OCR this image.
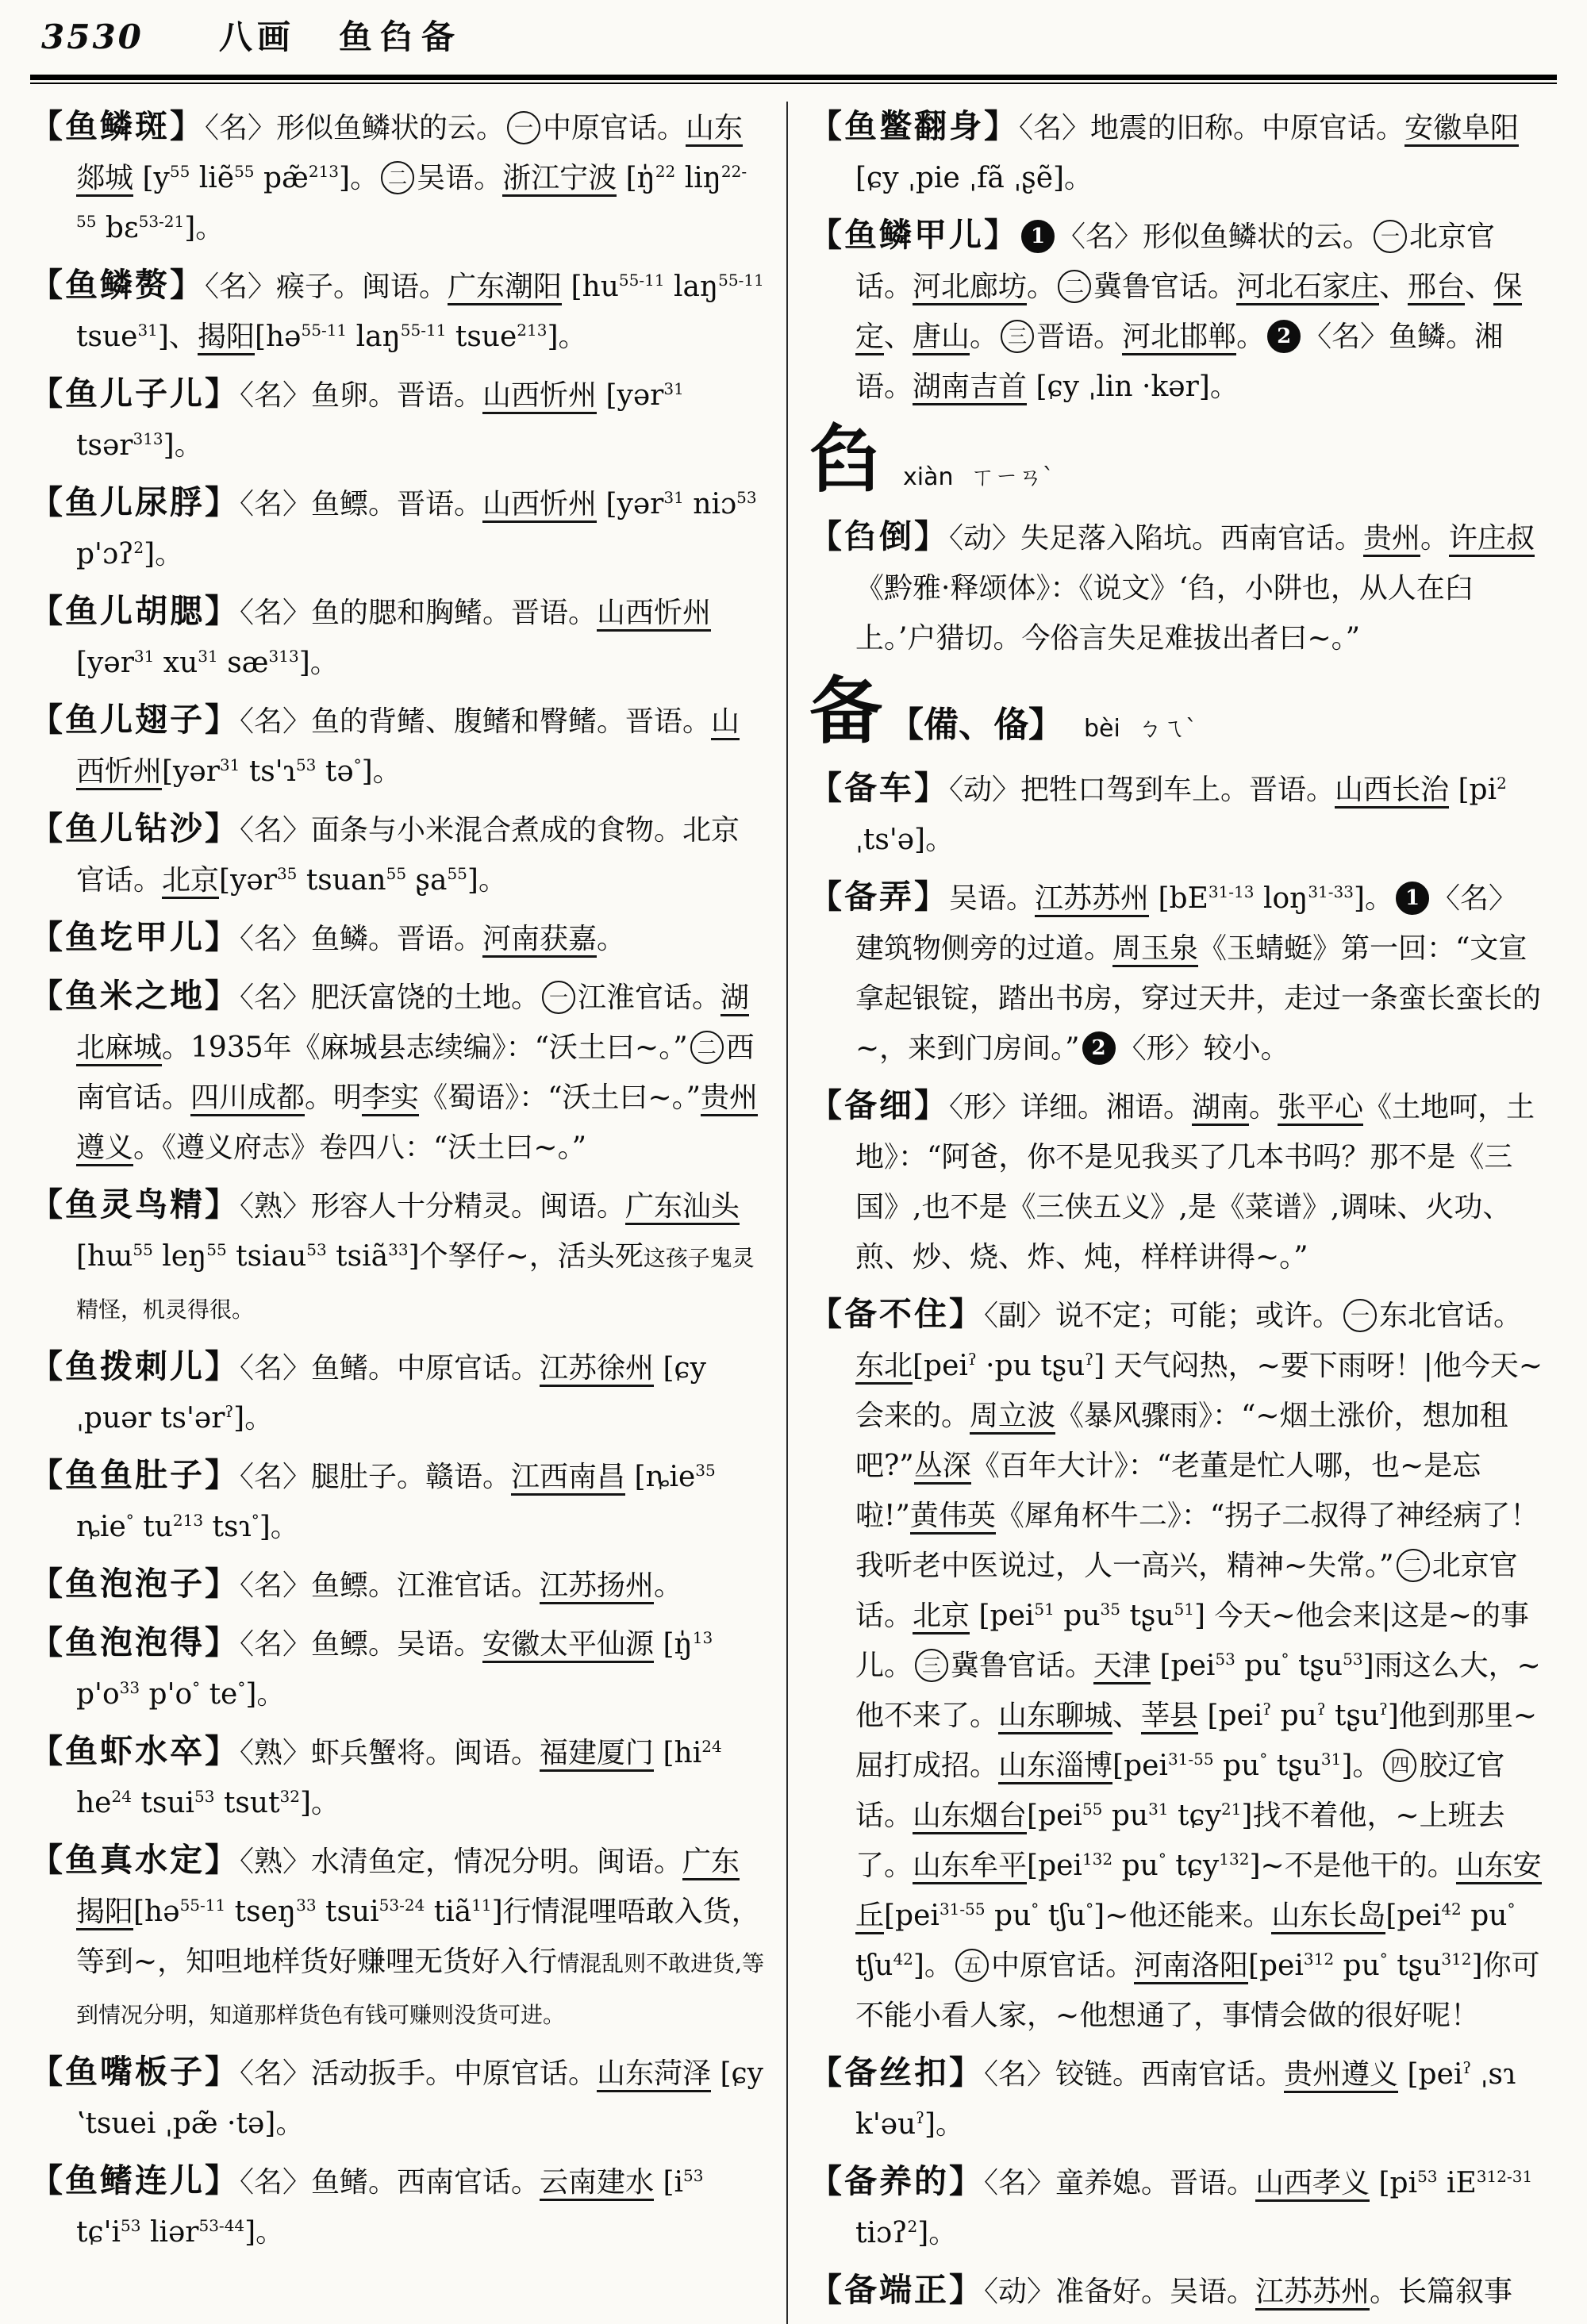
3530 八画 鱼臽备
【鱼鳞斑】〈名〉形似鱼鳞状的云。 一 中原官话。山东郯城 [$y^{55}$ liẽ$^{55}$ pæ̃$^{213}$]。 二 吴语。浙江宁波 [ŋ̍$^{22}$ liŋ$^{22-55}$ bɛ$^{53-21}$]。
【鱼鳞赘】〈名〉瘊子。闽语。广东潮阳 [$hu^{55-11}$ laŋ$^{55-11}$ tsue$^{31}$]、揭阳[hə$^{55-11}$ laŋ$^{55-11}$ tsue$^{213}$]。
【鱼儿子儿】〈名〉鱼卵。晋语。山西忻州 [yər$^{31}$ tsər$^{313}$]。
【鱼儿尿脬】〈名〉鱼鳔。晋语。山西忻州 [yər$^{31}$ niɔ$^{53}$ p'ɔʔ$^2$]。
【鱼儿胡腮】〈名〉鱼的腮和胸鳍。晋语。山西忻州[yər$^{31}$ $xu^{31}$ $sæ^{313}$]。
【鱼儿翅子】〈名〉鱼的背鳍、腹鳍和臀鳍。晋语。山西忻州[yər$^{31}$ ts'ɿ$^{53}$ tə°]。
【鱼儿钻沙】〈名〉面条与小米混合煮成的食物。北京官话。北京[yər$^{35}$ tsuan$^{55}$ ʂa$^{55}$]。
【鱼圪甲儿】〈名〉鱼鳞。晋语。河南获嘉。
【鱼米之地】〈名〉肥沃富饶的土地。 一 江淮官话。湖北麻城。1935年《麻城县志续编》：“沃土曰~。” 二 西南官话。四川成都。明李实《蜀语》：“沃土曰~。”贵州遵义。《遵义府志》卷四八：“沃土曰~。”
【鱼灵鸟精】〈熟〉形容人十分精灵。闽语。广东汕头 [hɯ$^{55}$ leŋ$^{55}$ tsiau$^{53}$ tsiã$^{33}$]个孥仔~，活头死这孩子鬼灵精怪，机灵得很。
【鱼拨刺儿】〈名〉鱼鳍。中原官话。江苏徐州 [ɕy ˌpuər ts'ər$^ʔ$]。
【鱼鱼肚子】〈名〉腿肚子。赣语。江西南昌 [ȵie$^{35}$ ȵie° $tu^{213}$ tsɿ°]。
【鱼泡泡子】〈名〉鱼鳔。江淮官话。江苏扬州。
【鱼泡泡得】〈名〉鱼鳔。吴语。安徽太平仙源 [ŋ̍$^{13}$ $p'o^{33}$ p'o° te°]。
【鱼虾水卒】〈熟〉虾兵蟹将。闽语。福建厦门 [$hi^{24}$ $he^{24}$ tsui$^{53}$ tsut$^{32}$]。
【鱼真水定】〈熟〉水清鱼定，情况分明。闽语。广东揭阳[hə$^{55-11}$ tseŋ$^{33}$ tsui$^{53-24}$ tiã$^{11}$]行情混哩唔敢入货，等到~，知呾地样货好赚哩无货好入行情混乱则不敢进货,等到情况分明，知道那样货色有钱可赚则没货可进。
【鱼嘴板子】〈名〉活动扳手。中原官话。山东菏泽 [ɕy ʽtsuei ˌpæ̃ ·tə]。
【鱼鳍连儿】〈名〉鱼鳍。西南官话。云南建水 [$i^{53}$ $tɕ'i^{53}$ liər$^{53-44}$]。
【鱼鳖翻身】〈名〉地震的旧称。中原官话。安徽阜阳 [ɕy ˌpie ˌfã ˌʂẽ]。
【鱼鳞甲儿】 1 〈名〉形似鱼鳞状的云。 一 北京官话。河北廊坊。 二 冀鲁官话。河北石家庄、邢台、保定、唐山。 三 晋语。河北邯郸。 2 〈名〉鱼鳞。湘语。湖南吉首 [ɕy ˌlin ·kər]。
臽 xiàn ㄒㄧㄢˋ
【臽倒】〈动〉失足落入陷坑。西南官话。贵州。许庄叔《黔雅·释颂体》：《说文》‘臽，小阱也，从人在臼上。’户猎切。今俗言失足难拔出者曰~。”
备 【備、俻】 bèi ㄅㄟˋ
【备车】〈动〉把牲口驾到车上。晋语。山西长治 [$pi^2$ ˌts'ə]。
【备弄】吴语。江苏苏州 [$bE^{31-13}$ loŋ$^{31-33}$]。 1 〈名〉建筑物侧旁的过道。周玉泉《玉蜻蜓》第一回：“文宣拿起银锭，踏出书房，穿过天井，走过一条蛮长蛮长的~，来到门房间。” 2 〈形〉较小。
【备细】〈形〉详细。湘语。湖南。张平心《土地呵，土地》：“阿爸，你不是见我买了几本书吗？那不是《三国》,也不是《三侠五义》,是《菜谱》,调味、火功、煎、炒、烧、炸、炖，样样讲得~。”
【备不住】〈副〉说不定；可能；或许。 一 东北官话。东北[pei$^ʔ$ ·pu tʂu$^ʔ$] 天气闷热，~要下雨呀！|他今天~会来的。周立波《暴风骤雨》：“~烟土涨价，想加租吧?”丛深《百年大计》：“老董是忙人哪，也~是忘啦!”黄伟英《犀角杯牛二》：“拐子二叔得了神经病了！我听老中医说过，人一高兴，精神~失常。” 二 北京官话。北京 [pei$^{51}$ $pu^{35}$ tʂu$^{51}$] 今天~他会来|这是~的事儿。 三 冀鲁官话。天津 [pei$^{53}$ pu° tʂu$^{53}$]雨这么大，~他不来了。山东聊城、莘县 [pei$^ʔ$ $pu^ʔ$ tʂu$^ʔ$]他到那里~屈打成招。山东淄博[pei$^{31-55}$ pu° tʂu$^{31}$]。 四 胶辽官话。山东烟台[pei$^{55}$ $pu^{31}$ tɕy$^{21}$]找不着他，~上班去了。山东牟平[pei$^{132}$ pu° tɕy$^{132}$]~不是他干的。山东安丘[pei$^{31-55}$ pu° tʃu°]~他还能来。山东长岛[pei$^{42}$ pu° tʃu$^{42}$]。 五 中原官话。河南洛阳[pei$^{312}$ pu° tʂu$^{312}$]你可不能小看人家，~他想通了，事情会做的很好呢！
【备丝扣】〈名〉铰链。西南官话。贵州遵义 [pei$^ʔ$ ˌsɿ k'əu$^ʔ$]。
【备养的】〈名〉童养媳。晋语。山西孝义 [$pi^{53}$ $iE^{312-31}$ tiɔʔ$^2$]。
【备端正】〈动〉准备好。吴语。江苏苏州。长篇叙事
